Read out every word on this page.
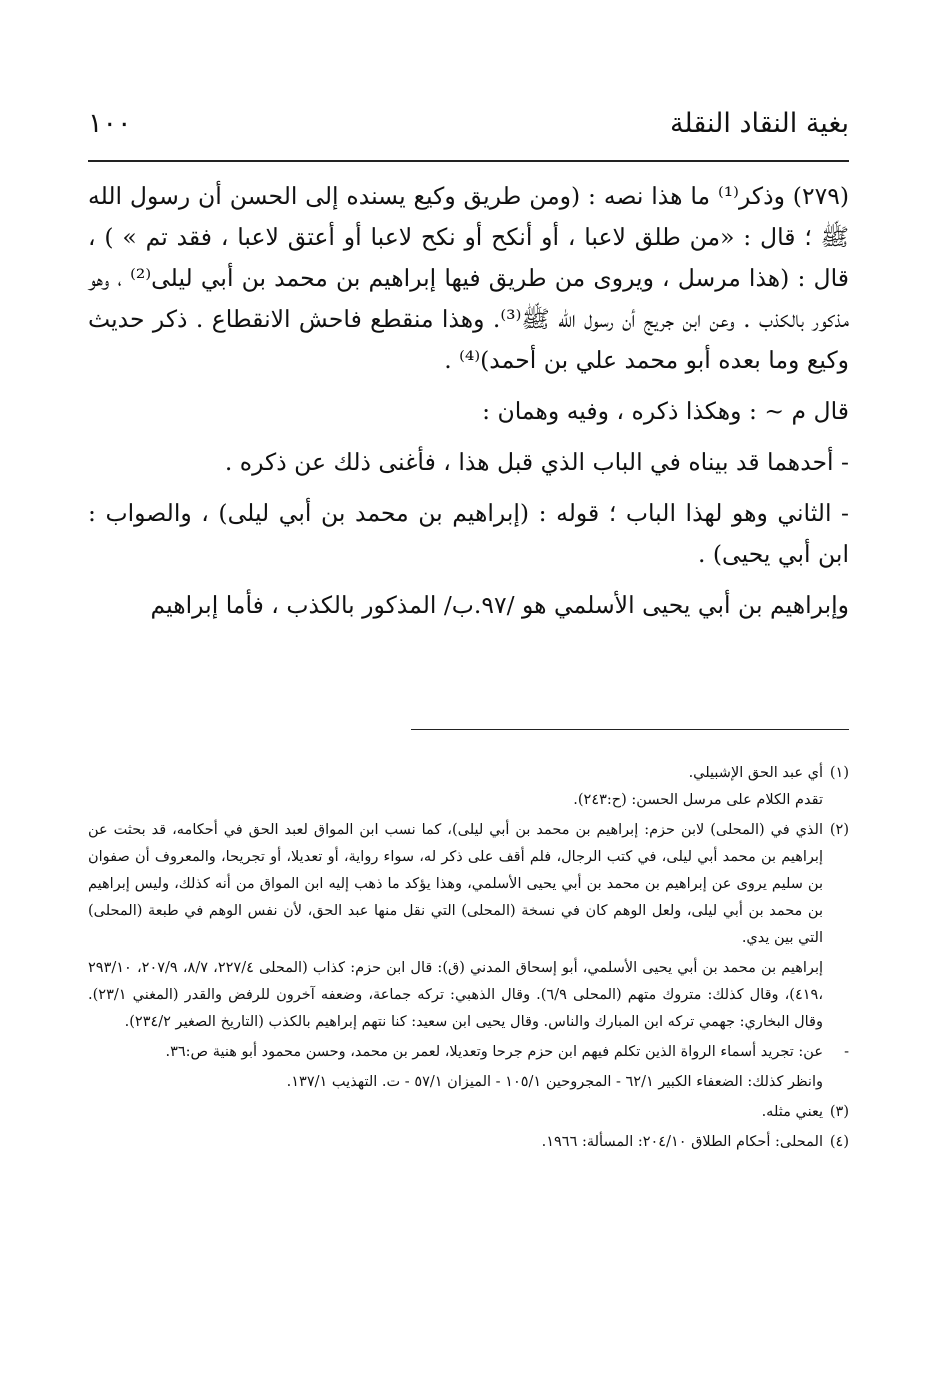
بغية النقاد النقلة
١٠٠

(٢٧٩) وذكر⁽¹⁾ ما هذا نصه : (ومن طريق وكيع يسنده إلى الحسن أن رسول الله ﷺ ؛ قال : «من طلق لاعبا ، أو أنكح أو نكح لاعبا أو أعتق لاعبا ، فقد تم » ) ، قال : (هذا مرسل ، ويروى من طريق فيها إبراهيم بن محمد بن أبي ليلى⁽²⁾ ، وهو مذكور بالكذب . وعن ابن جريج أن رسول الله ﷺ⁽³⁾. وهذا منقطع فاحش الانقطاع . ذكر حديث وكيع وما بعده أبو محمد علي بن أحمد)⁽⁴⁾ .

قال م ~ : وهكذا ذكره ، وفيه وهمان :

- أحدهما قد بيناه في الباب الذي قبل هذا ، فأغنى ذلك عن ذكره .

- الثاني وهو لهذا الباب ؛ قوله : (إبراهيم بن محمد بن أبي ليلى) ، والصواب : ابن أبي يحيى) .

وإبراهيم بن أبي يحيى الأسلمي هو /٩٧.ب/ المذكور بالكذب ، فأما إبراهيم

(١)
أي عبد الحق الإشبيلي.
تقدم الكلام على مرسل الحسن: (ح:٢٤٣).
(٢)
الذي في (المحلى) لابن حزم: إبراهيم بن محمد بن أبي ليلى)، كما نسب ابن المواق لعبد الحق في أحكامه، قد بحثت عن إبراهيم بن محمد أبي ليلى، في كتب الرجال، فلم أقف على ذكر له، سواء رواية، أو تعديلا، أو تجريحا، والمعروف أن صفوان بن سليم يروى عن إبراهيم بن محمد بن أبي يحيى الأسلمي، وهذا يؤكد ما ذهب إليه ابن المواق من أنه كذلك، وليس إبراهيم بن محمد بن أبي ليلى، ولعل الوهم كان في نسخة (المحلى) التي نقل منها عبد الحق، لأن نفس الوهم في طبعة (المحلى) التي بين يدي.
إبراهيم بن محمد بن أبي يحيى الأسلمي، أبو إسحاق المدني (ق): قال ابن حزم: كذاب (المحلى ٢٢٧/٤، ٨/٧، ٢٠٧/٩، ٢٩٣/١٠ ،٤١٩)، وقال كذلك: متروك متهم (المحلى ٦/٩). وقال الذهبي: تركه جماعة، وضعفه آخرون للرفض والقدر (المغني ٢٣/١). وقال البخاري: جهمي تركه ابن المبارك والناس. وقال يحيى ابن سعيد: كنا نتهم إبراهيم بالكذب (التاريخ الصغير ٢٣٤/٢).
-
عن: تجريد أسماء الرواة الذين تكلم فيهم ابن حزم جرحا وتعديلا، لعمر بن محمد، وحسن محمود أبو هنية ص:٣٦.
وانظر كذلك: الضعفاء الكبير ٦٢/١ - المجروحين ١٠٥/١ - الميزان ٥٧/١ - ت. التهذيب ١٣٧/١.
(٣)
يعني مثله.
(٤)
المحلى: أحكام الطلاق ٢٠٤/١٠: المسألة: ١٩٦٦.
